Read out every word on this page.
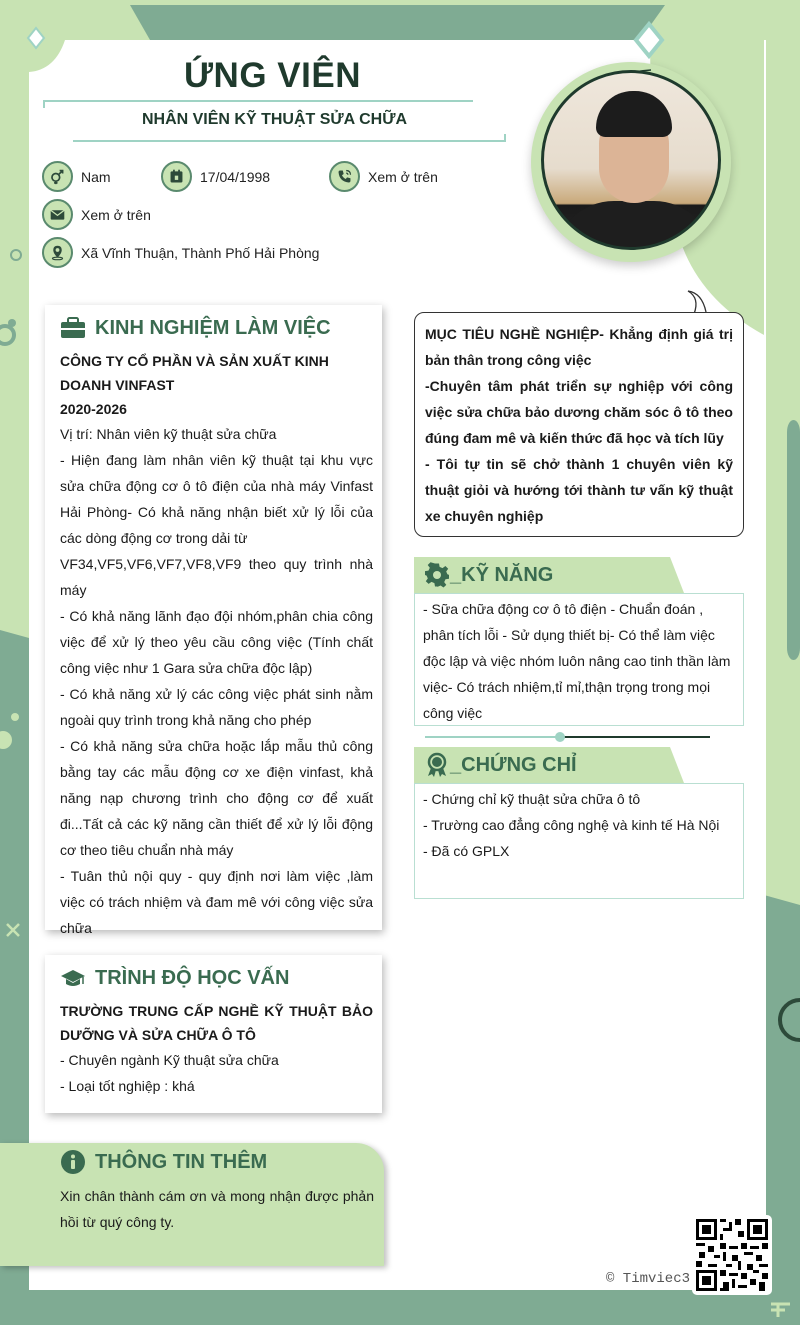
ỨNG VIÊN
NHÂN VIÊN KỸ THUẬT SỬA CHỮA
Nam	17/04/1998	Xem ở trên
Xem ở trên
Xã Vĩnh Thuận, Thành Phố Hải Phòng
KINH NGHIỆM LÀM VIỆC
CÔNG TY CỔ PHẦN VÀ SẢN XUẤT KINH DOANH VINFAST
2020-2026
Vị trí: Nhân viên kỹ thuật sửa chữa
- Hiện đang làm nhân viên kỹ thuật tại khu vực sửa chữa động cơ ô tô điện của nhà máy Vinfast Hải Phòng- Có khả năng nhận biết xử lý lỗi của các dòng động cơ trong dải từ
VF34,VF5,VF6,VF7,VF8,VF9 theo quy trình nhà máy
- Có khả năng lãnh đạo đội nhóm,phân chia công việc để xử lý theo yêu cầu công việc (Tính chất công việc như 1 Gara sửa chữa độc lập)
- Có khả năng xử lý các công việc phát sinh nằm ngoài quy trình trong khả năng cho phép
- Có khả năng sửa chữa hoặc lắp mẫu thủ công bằng tay các mẫu động cơ xe điện vinfast, khả năng nạp chương trình cho động cơ để xuất đi...Tất cả các kỹ năng cần thiết để xử lý lỗi động cơ theo tiêu chuẩn nhà máy
- Tuân thủ nội quy - quy định nơi làm việc ,làm việc có trách nhiệm và đam mê với công việc sửa chữa
TRÌNH ĐỘ HỌC VẤN
TRƯỜNG TRUNG CẤP NGHỀ KỸ THUẬT BẢO DƯỠNG VÀ SỬA CHỮA Ô TÔ
- Chuyên ngành Kỹ thuật sửa chữa
- Loại tốt nghiệp : khá
THÔNG TIN THÊM
Xin chân thành cám ơn và mong nhận được phản hồi từ quý công ty.
MỤC TIÊU NGHỀ NGHIỆP- Khẳng định giá trị bản thân trong công việc
-Chuyên tâm phát triển sự nghiệp với công việc sửa chữa bảo dương chăm sóc ô tô theo đúng đam mê và kiến thức đã học và tích lũy
- Tôi tự tin sẽ chở thành 1 chuyên viên kỹ thuật giỏi và hướng tới thành tư vấn kỹ thuật xe chuyên nghiệp
_KỸ NĂNG
- Sữa chữa động cơ ô tô điện - Chuẩn đoán , phân tích lỗi - Sử dụng thiết bị- Có thể làm việc độc lập và việc nhóm luôn nâng cao tinh thần làm việc- Có trách nhiệm,tỉ mỉ,thận trọng trong mọi công việc
_CHỨNG CHỈ
- Chứng chỉ kỹ thuật sửa chữa ô tô
- Trường cao đẳng công nghệ và kinh tế Hà Nội
- Đã có GPLX
© Timviec3
